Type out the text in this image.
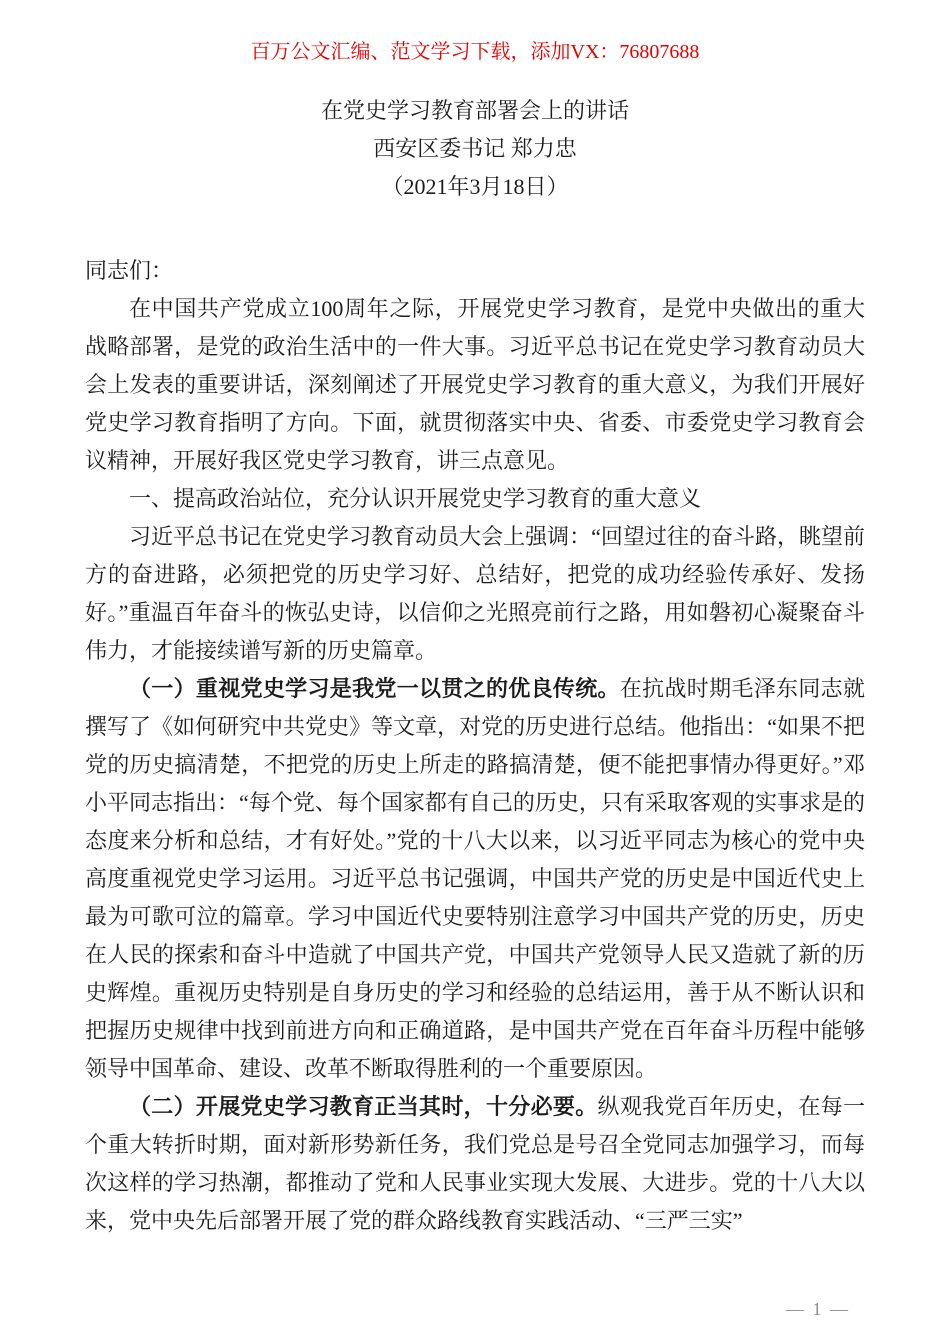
百万公文汇编、范文学习下载，添加VX：76807688
在党史学习教育部署会上的讲话
西安区委书记 郑力忠
（2021年3月18日）

同志们：

在中国共产党成立100周年之际，开展党史学习教育，是党中央做出的重大战略部署，是党的政治生活中的一件大事。习近平总书记在党史学习教育动员大会上发表的重要讲话，深刻阐述了开展党史学习教育的重大意义，为我们开展好党史学习教育指明了方向。下面，就贯彻落实中央、省委、市委党史学习教育会议精神，开展好我区党史学习教育，讲三点意见。

一、提高政治站位，充分认识开展党史学习教育的重大意义

习近平总书记在党史学习教育动员大会上强调：“回望过往的奋斗路，眺望前方的奋进路，必须把党的历史学习好、总结好，把党的成功经验传承好、发扬好。”重温百年奋斗的恢弘史诗，以信仰之光照亮前行之路，用如磐初心凝聚奋斗伟力，才能接续谱写新的历史篇章。

（一）重视党史学习是我党一以贯之的优良传统。在抗战时期毛泽东同志就撰写了《如何研究中共党史》等文章，对党的历史进行总结。他指出：“如果不把党的历史搞清楚，不把党的历史上所走的路搞清楚，便不能把事情办得更好。”邓小平同志指出：“每个党、每个国家都有自己的历史，只有采取客观的实事求是的态度来分析和总结，才有好处。”党的十八大以来，以习近平同志为核心的党中央高度重视党史学习运用。习近平总书记强调，中国共产党的历史是中国近代史上最为可歌可泣的篇章。学习中国近代史要特别注意学习中国共产党的历史，历史在人民的探索和奋斗中造就了中国共产党，中国共产党领导人民又造就了新的历史辉煌。重视历史特别是自身历史的学习和经验的总结运用，善于从不断认识和把握历史规律中找到前进方向和正确道路，是中国共产党在百年奋斗历程中能够领导中国革命、建设、改革不断取得胜利的一个重要原因。

（二）开展党史学习教育正当其时，十分必要。纵观我党百年历史，在每一个重大转折时期，面对新形势新任务，我们党总是号召全党同志加强学习，而每次这样的学习热潮，都推动了党和人民事业实现大发展、大进步。党的十八大以来，党中央先后部署开展了党的群众路线教育实践活动、“三严三实”

— 1 —
